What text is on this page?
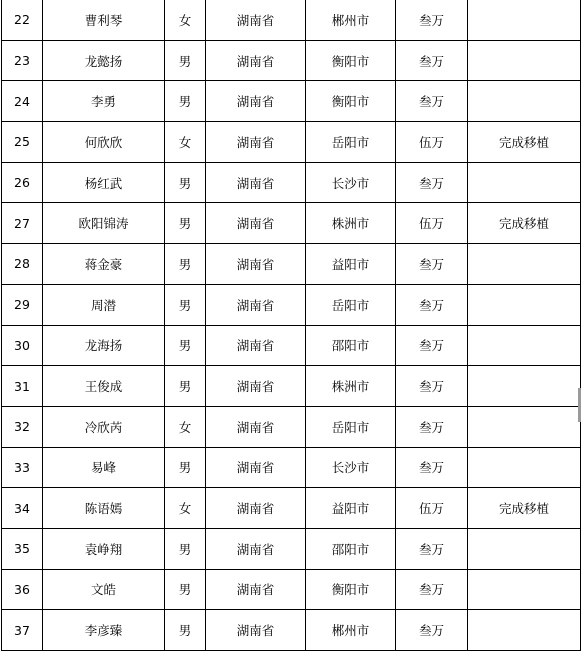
22	曹利琴	女	湖南省	郴州市	叁万	
23	龙懿扬	男	湖南省	衡阳市	叁万	
24	李勇	男	湖南省	衡阳市	叁万	
25	何欣欣	女	湖南省	岳阳市	伍万	完成移植
26	杨红武	男	湖南省	长沙市	叁万	
27	欧阳锦涛	男	湖南省	株洲市	伍万	完成移植
28	蒋金豪	男	湖南省	益阳市	叁万	
29	周潜	男	湖南省	岳阳市	叁万	
30	龙海扬	男	湖南省	邵阳市	叁万	
31	王俊成	男	湖南省	株洲市	叁万	
32	冷欣芮	女	湖南省	岳阳市	叁万	
33	易峰	男	湖南省	长沙市	叁万	
34	陈语嫣	女	湖南省	益阳市	伍万	完成移植
35	袁峥翔	男	湖南省	邵阳市	叁万	
36	文皓	男	湖南省	衡阳市	叁万	
37	李彦臻	男	湖南省	郴州市	叁万	
